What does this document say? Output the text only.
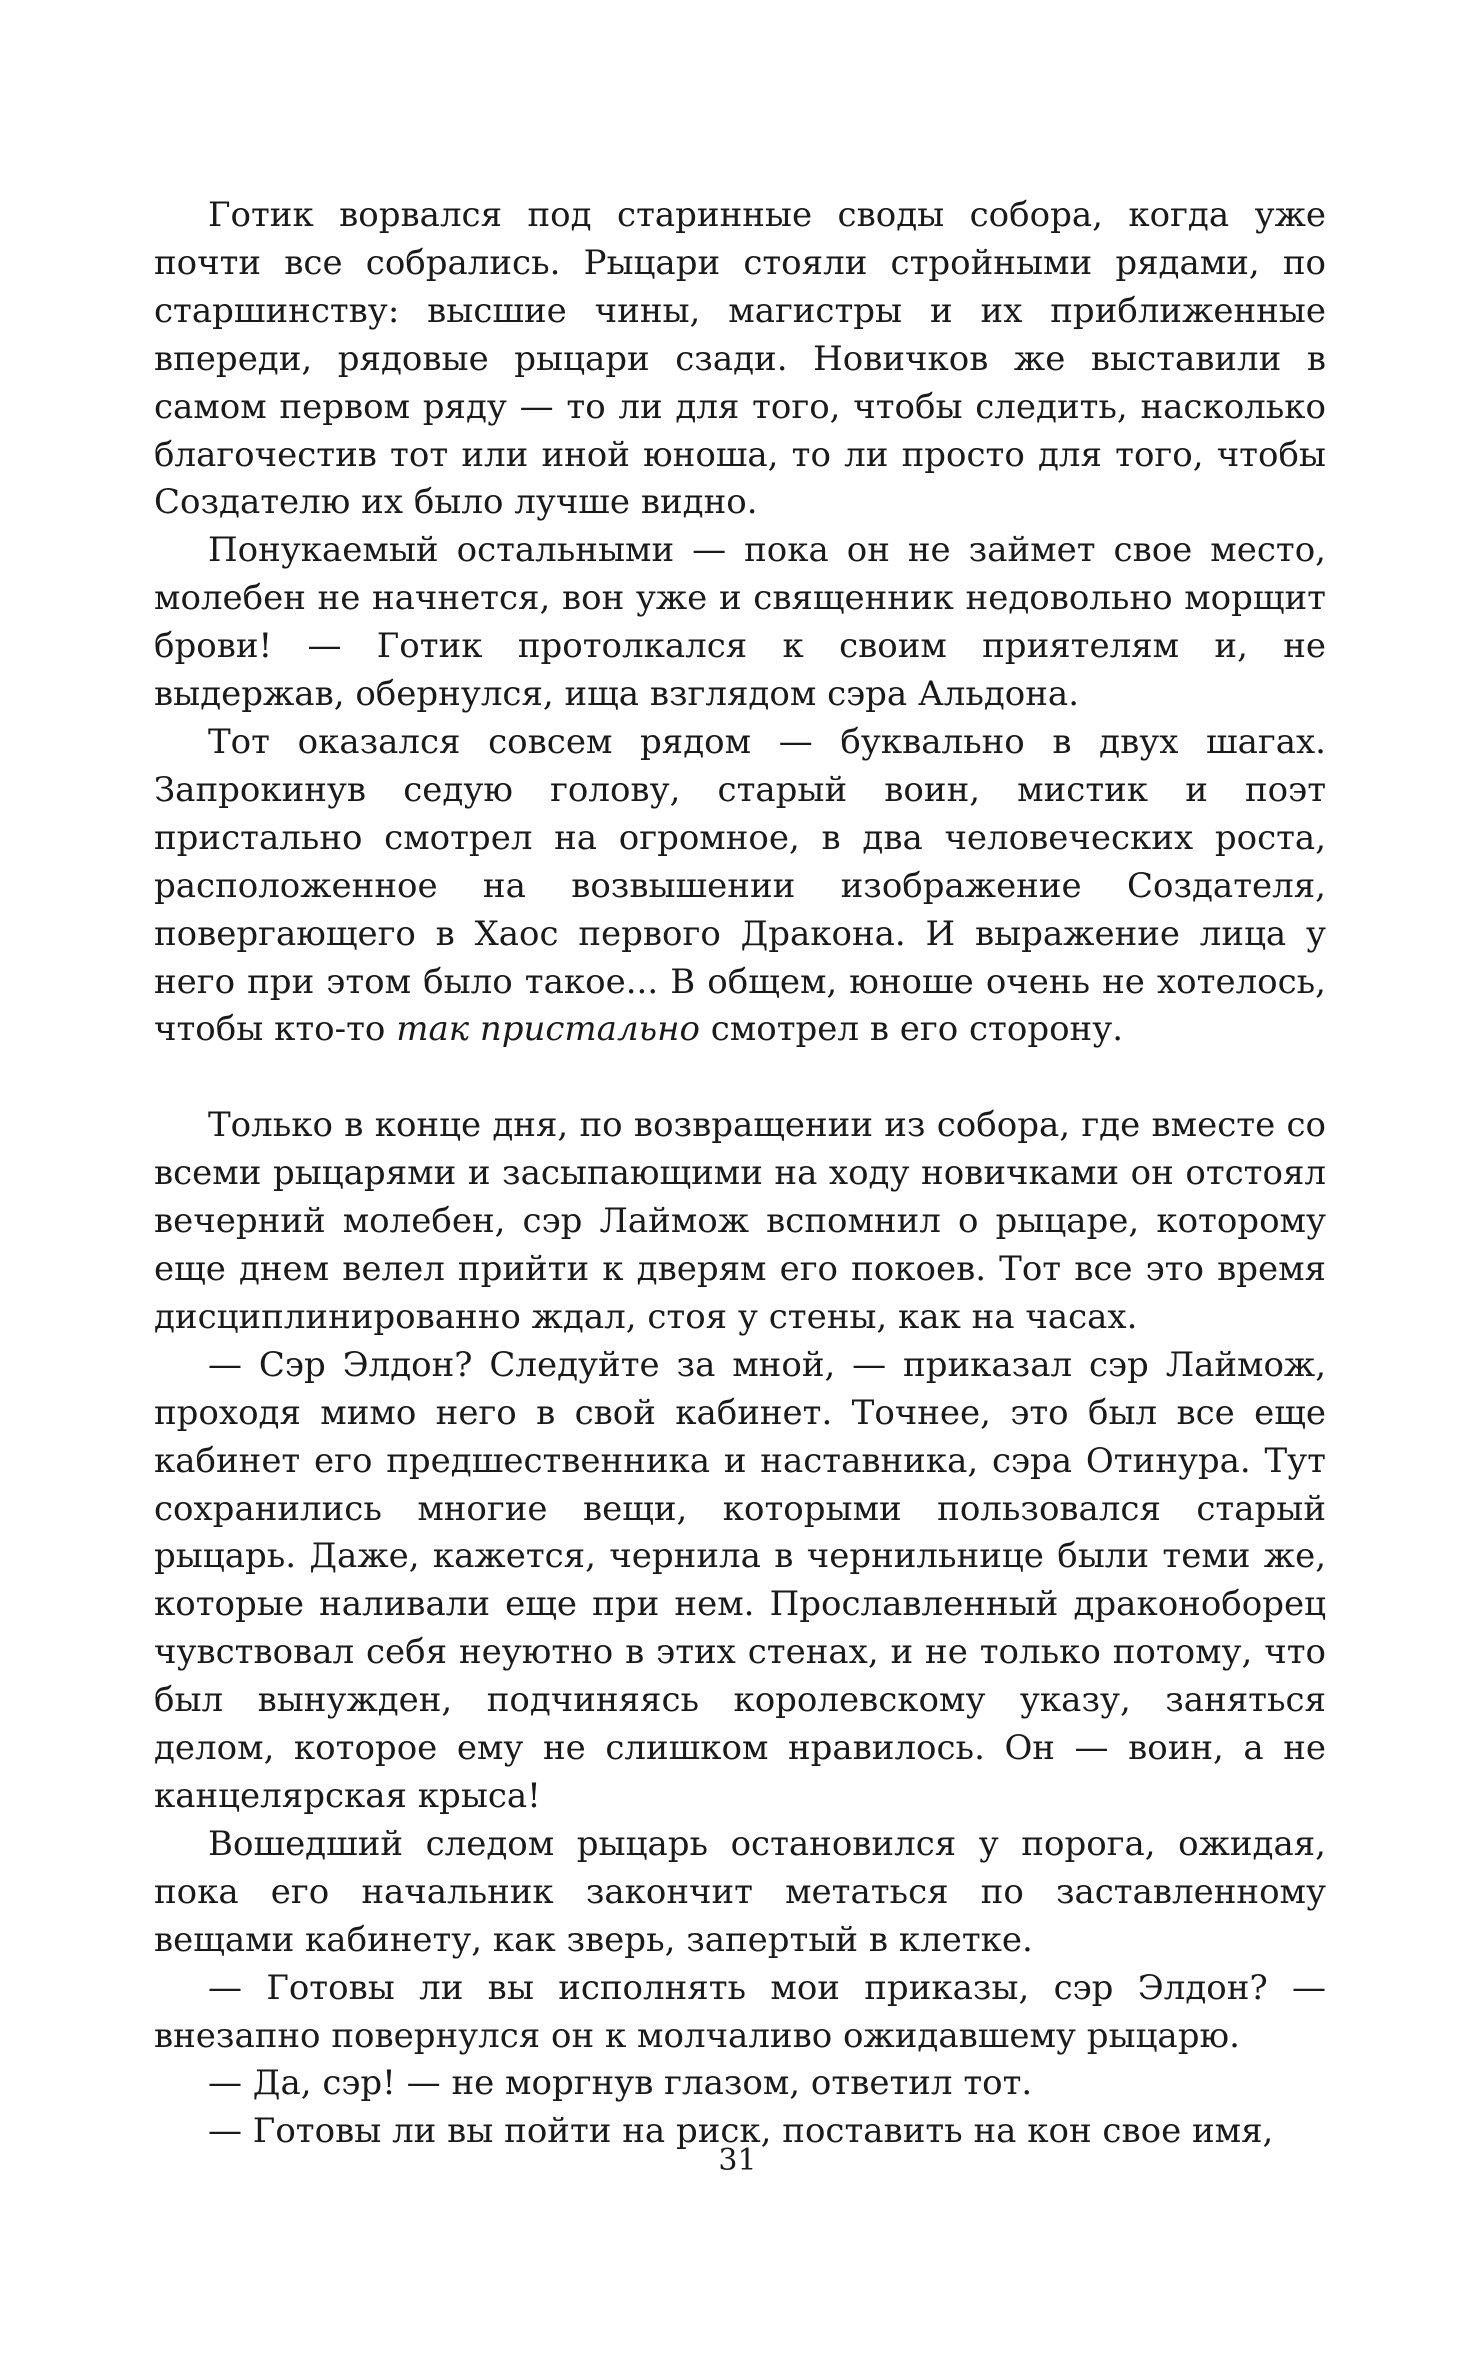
Готик ворвался под старинные своды собора, когда уже почти все собрались. Рыцари стояли стройными рядами, по старшинству: высшие чины, магистры и их приближенные впереди, рядовые рыцари сзади. Новичков же выставили в самом первом ряду — то ли для того, чтобы следить, насколько благочестив тот или иной юноша, то ли просто для того, чтобы Создателю их было лучше видно.

Понукаемый остальными — пока он не займет свое место, молебен не начнется, вон уже и священник недовольно морщит брови! — Готик протолкался к своим приятелям и, не выдержав, обернулся, ища взглядом сэра Альдона.

Тот оказался совсем рядом — буквально в двух шагах. Запрокинув седую голову, старый воин, мистик и поэт пристально смотрел на огромное, в два человеческих роста, расположенное на возвышении изображение Создателя, повергающего в Хаос первого Дракона. И выражение лица у него при этом было такое... В общем, юноше очень не хотелось, чтобы кто-то так пристально смотрел в его сторону.

Только в конце дня, по возвращении из собора, где вместе со всеми рыцарями и засыпающими на ходу новичками он отстоял вечерний молебен, сэр Лаймож вспомнил о рыцаре, которому еще днем велел прийти к дверям его покоев. Тот все это время дисциплинированно ждал, стоя у стены, как на часах.

— Сэр Элдон? Следуйте за мной, — приказал сэр Лаймож, проходя мимо него в свой кабинет. Точнее, это был все еще кабинет его предшественника и наставника, сэра Отинура. Тут сохранились многие вещи, которыми пользовался старый рыцарь. Даже, кажется, чернила в чернильнице были теми же, которые наливали еще при нем. Прославленный драконоборец чувствовал себя неуютно в этих стенах, и не только потому, что был вынужден, подчиняясь королевскому указу, заняться делом, которое ему не слишком нравилось. Он — воин, а не канцелярская крыса!

Вошедший следом рыцарь остановился у порога, ожидая, пока его начальник закончит метаться по заставленному вещами кабинету, как зверь, запертый в клетке.

— Готовы ли вы исполнять мои приказы, сэр Элдон? — внезапно повернулся он к молчаливо ожидавшему рыцарю.

— Да, сэр! — не моргнув глазом, ответил тот.

— Готовы ли вы пойти на риск, поставить на кон свое имя,

31
